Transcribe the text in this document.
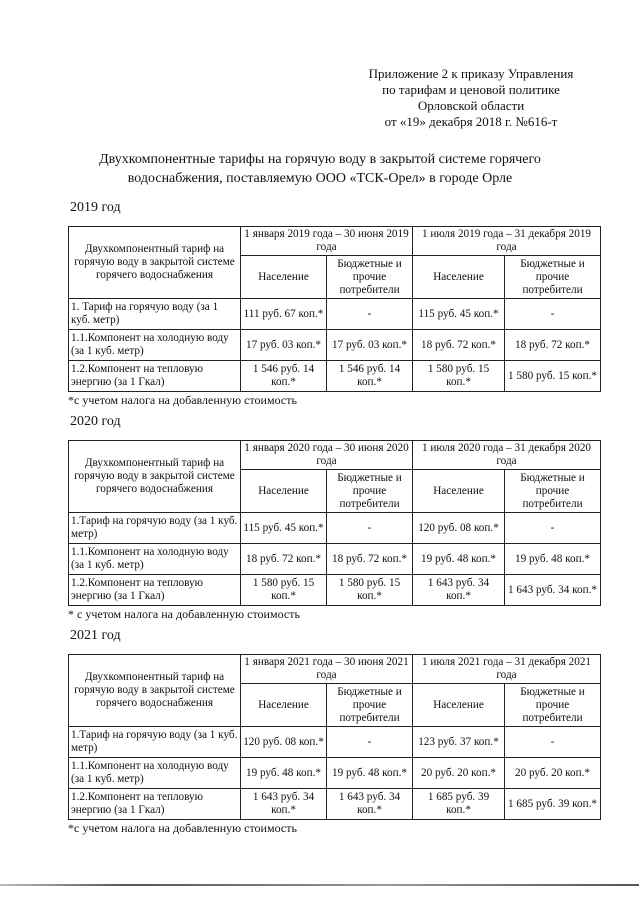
Приложение 2 к приказу Управления
по тарифам и ценовой политике
Орловской области
от «19» декабря 2018 г. №616-т
Двухкомпонентные тарифы на горячую воду в закрытой системе горячего
водоснабжения, поставляемую ООО «ТСК-Орел» в городе Орле
2019 год
Двухкомпонентный тариф на горячую воду в закрытой системе горячего водоснабжения	1 января 2019 года – 30 июня 2019 года		1 июля 2019 года – 31 декабря 2019 года	
	Население	Бюджетные и прочие потребители	Население	Бюджетные и прочие потребители
1. Тариф на горячую воду (за 1 куб. метр)	111 руб. 67 коп.*	-	115 руб. 45 коп.*	-
1.1.Компонент на холодную воду (за 1 куб. метр)	17 руб. 03 коп.*	17 руб. 03 коп.*	18 руб. 72 коп.*	18 руб. 72 коп.*
1.2.Компонент на тепловую энергию (за 1 Гкал)	1 546 руб. 14 коп.*	1 546 руб. 14 коп.*	1 580 руб. 15 коп.*	1 580 руб. 15 коп.*
*с учетом налога на добавленную стоимость
2020 год
Двухкомпонентный тариф на горячую воду в закрытой системе горячего водоснабжения	1 января 2020 года – 30 июня 2020 года		1 июля 2020 года – 31 декабря 2020 года	
	Население	Бюджетные и прочие потребители	Население	Бюджетные и прочие потребители
1.Тариф на горячую воду (за 1 куб. метр)	115 руб. 45 коп.*	-	120 руб. 08 коп.*	-
1.1.Компонент на холодную воду (за 1 куб. метр)	18 руб. 72 коп.*	18 руб. 72 коп.*	19 руб. 48 коп.*	19 руб. 48 коп.*
1.2.Компонент на тепловую энергию (за 1 Гкал)	1 580 руб. 15 коп.*	1 580 руб. 15 коп.*	1 643 руб. 34 коп.*	1 643 руб. 34 коп.*
* с учетом налога на добавленную стоимость
2021 год
Двухкомпонентный тариф на горячую воду в закрытой системе горячего водоснабжения	1 января 2021 года – 30 июня 2021 года		1 июля 2021 года – 31 декабря 2021 года	
	Население	Бюджетные и прочие потребители	Население	Бюджетные и прочие потребители
1.Тариф на горячую воду (за 1 куб. метр)	120 руб. 08 коп.*	-	123 руб. 37 коп.*	-
1.1.Компонент на холодную воду (за 1 куб. метр)	19 руб. 48 коп.*	19 руб. 48 коп.*	20 руб. 20 коп.*	20 руб. 20 коп.*
1.2.Компонент на тепловую энергию (за 1 Гкал)	1 643 руб. 34 коп.*	1 643 руб. 34 коп.*	1 685 руб. 39 коп.*	1 685 руб. 39 коп.*
*с учетом налога на добавленную стоимость
